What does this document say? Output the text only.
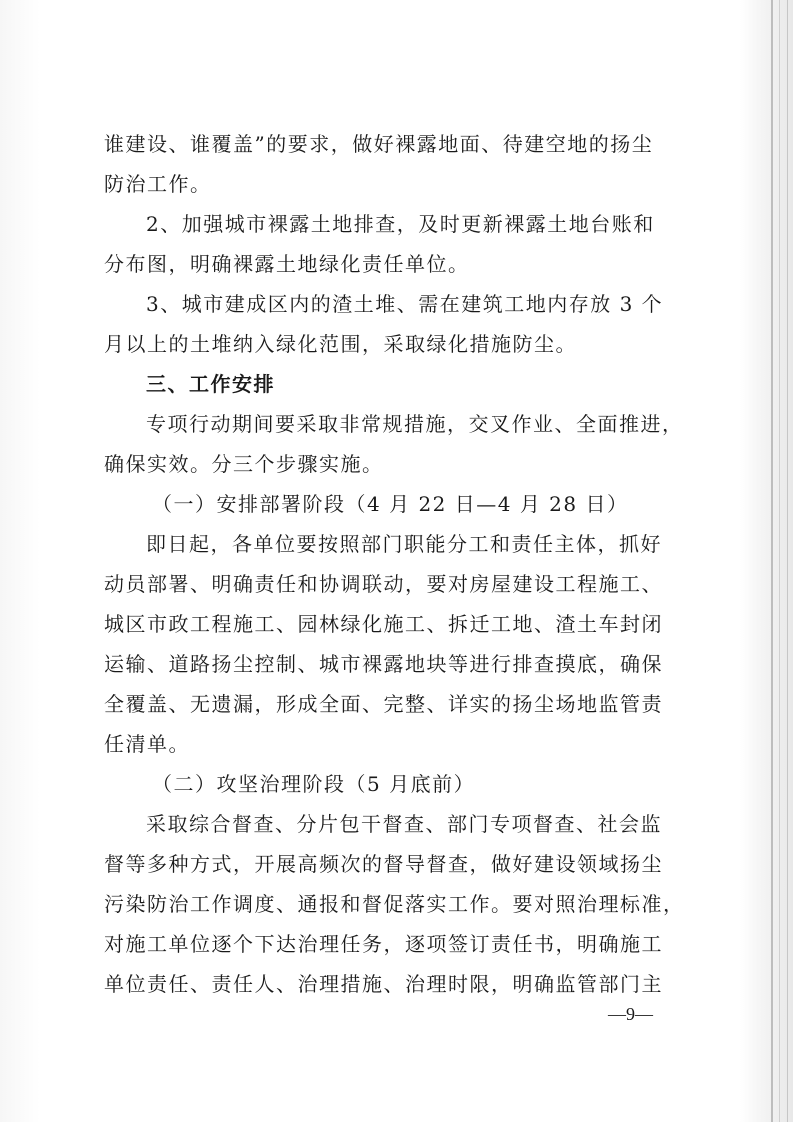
谁建设、谁覆盖”的要求，做好裸露地面、待建空地的扬尘
防治工作。
2、加强城市裸露土地排查，及时更新裸露土地台账和
分布图，明确裸露土地绿化责任单位。
3、城市建成区内的渣土堆、需在建筑工地内存放 3 个
月以上的土堆纳入绿化范围，采取绿化措施防尘。
三、工作安排
专项行动期间要采取非常规措施，交叉作业、全面推进，
确保实效。分三个步骤实施。
（一）安排部署阶段（4 月 22 日—4 月 28 日）
即日起，各单位要按照部门职能分工和责任主体，抓好
动员部署、明确责任和协调联动，要对房屋建设工程施工、
城区市政工程施工、园林绿化施工、拆迁工地、渣土车封闭
运输、道路扬尘控制、城市裸露地块等进行排查摸底，确保
全覆盖、无遗漏，形成全面、完整、详实的扬尘场地监管责
任清单。
（二）攻坚治理阶段（5 月底前）
采取综合督查、分片包干督查、部门专项督查、社会监
督等多种方式，开展高频次的督导督查，做好建设领域扬尘
污染防治工作调度、通报和督促落实工作。要对照治理标准，
对施工单位逐个下达治理任务，逐项签订责任书，明确施工
单位责任、责任人、治理措施、治理时限，明确监管部门主
—9—
